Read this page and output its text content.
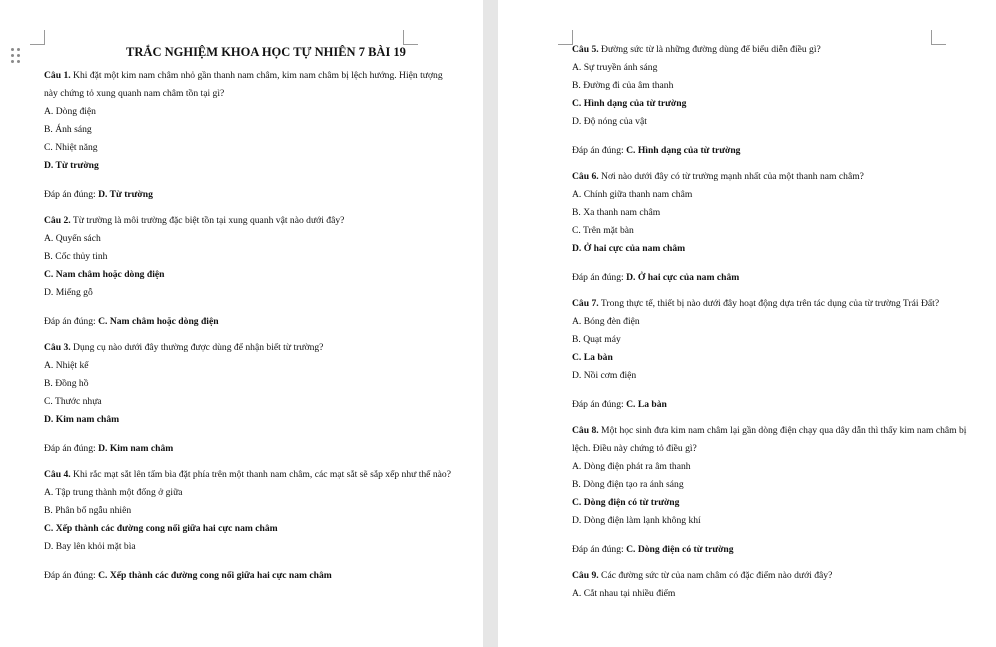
TRẮC NGHIỆM KHOA HỌC TỰ NHIÊN 7 BÀI 19
Câu 1. Khi đặt một kim nam châm nhỏ gần thanh nam châm, kim nam châm bị lệch hướng. Hiện tượng này chứng tỏ xung quanh nam châm tồn tại gì?
A. Dòng điện
B. Ánh sáng
C. Nhiệt năng
D. Từ trường
Đáp án đúng: D. Từ trường
Câu 2. Từ trường là môi trường đặc biệt tồn tại xung quanh vật nào dưới đây?
A. Quyển sách
B. Cốc thủy tinh
C. Nam châm hoặc dòng điện
D. Miếng gỗ
Đáp án đúng: C. Nam châm hoặc dòng điện
Câu 3. Dụng cụ nào dưới đây thường được dùng để nhận biết từ trường?
A. Nhiệt kế
B. Đồng hồ
C. Thước nhựa
D. Kim nam châm
Đáp án đúng: D. Kim nam châm
Câu 4. Khi rắc mạt sắt lên tấm bìa đặt phía trên một thanh nam châm, các mạt sắt sẽ sắp xếp như thế nào?
A. Tập trung thành một đống ở giữa
B. Phân bố ngẫu nhiên
C. Xếp thành các đường cong nối giữa hai cực nam châm
D. Bay lên khỏi mặt bìa
Đáp án đúng: C. Xếp thành các đường cong nối giữa hai cực nam châm
Câu 5. Đường sức từ là những đường dùng để biểu diễn điều gì?
A. Sự truyền ánh sáng
B. Đường đi của âm thanh
C. Hình dạng của từ trường
D. Độ nóng của vật
Đáp án đúng: C. Hình dạng của từ trường
Câu 6. Nơi nào dưới đây có từ trường mạnh nhất của một thanh nam châm?
A. Chính giữa thanh nam châm
B. Xa thanh nam châm
C. Trên mặt bàn
D. Ở hai cực của nam châm
Đáp án đúng: D. Ở hai cực của nam châm
Câu 7. Trong thực tế, thiết bị nào dưới đây hoạt động dựa trên tác dụng của từ trường Trái Đất?
A. Bóng đèn điện
B. Quạt máy
C. La bàn
D. Nồi cơm điện
Đáp án đúng: C. La bàn
Câu 8. Một học sinh đưa kim nam châm lại gần dòng điện chạy qua dây dẫn thì thấy kim nam châm bị lệch. Điều này chứng tỏ điều gì?
A. Dòng điện phát ra âm thanh
B. Dòng điện tạo ra ánh sáng
C. Dòng điện có từ trường
D. Dòng điện làm lạnh không khí
Đáp án đúng: C. Dòng điện có từ trường
Câu 9. Các đường sức từ của nam châm có đặc điểm nào dưới đây?
A. Cắt nhau tại nhiều điểm
